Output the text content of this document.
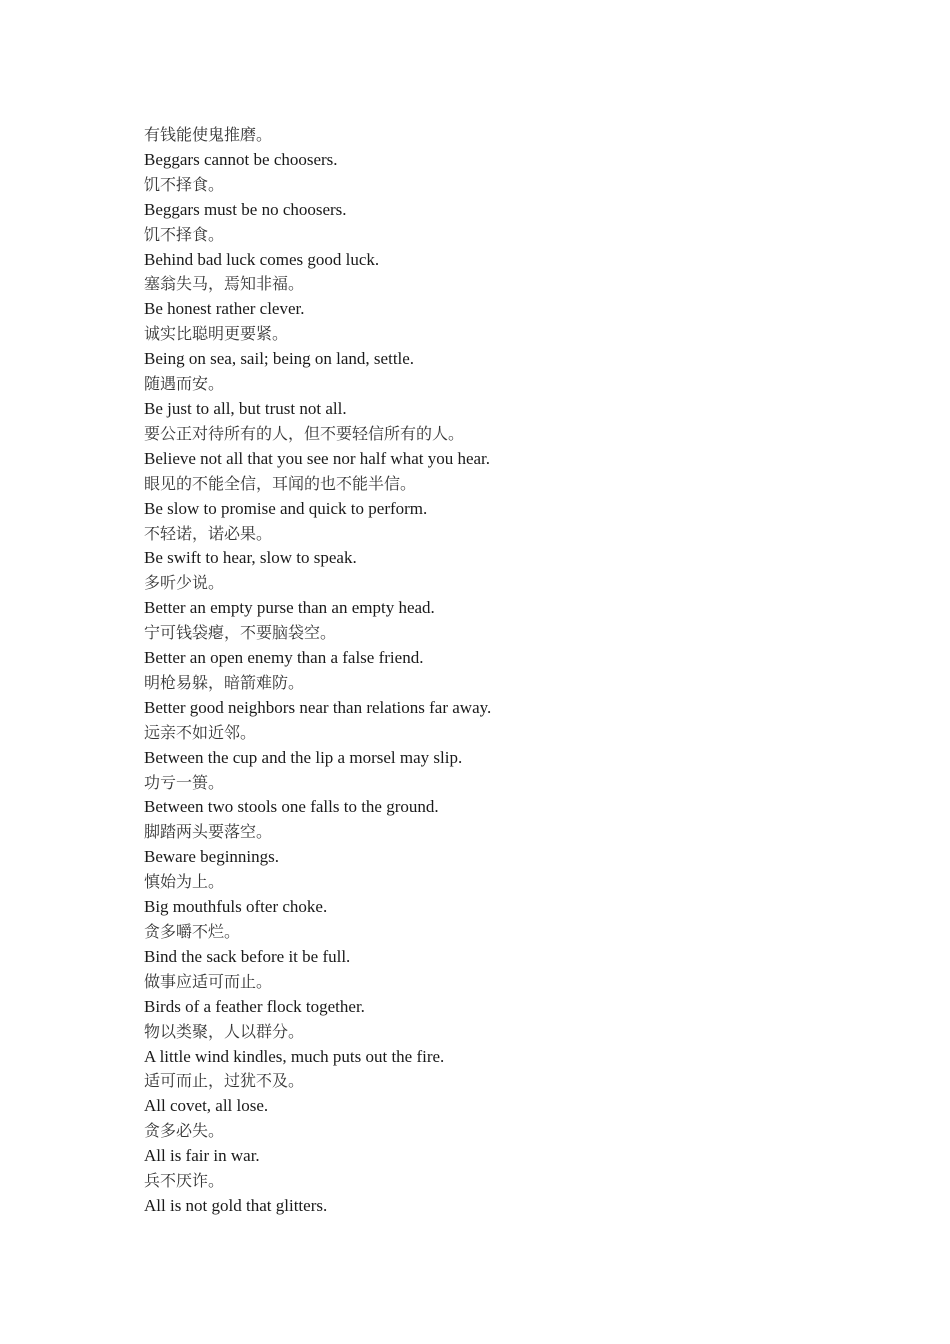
有钱能使鬼推磨。
Beggars cannot be choosers.
饥不择食。
Beggars must be no choosers.
饥不择食。
Behind bad luck comes good luck.
塞翁失马，焉知非福。
Be honest rather clever.
诚实比聪明更要紧。
Being on sea, sail; being on land, settle.
随遇而安。
Be just to all, but trust not all.
要公正对待所有的人，但不要轻信所有的人。
Believe not all that you see nor half what you hear.
眼见的不能全信，耳闻的也不能半信。
Be slow to promise and quick to perform.
不轻诺，诺必果。
Be swift to hear, slow to speak.
多听少说。
Better an empty purse than an empty head.
宁可钱袋瘪，不要脑袋空。
Better an open enemy than a false friend.
明枪易躲，暗箭难防。
Better good neighbors near than relations far away.
远亲不如近邻。
Between the cup and the lip a morsel may slip.
功亏一篑。
Between two stools one falls to the ground.
脚踏两头要落空。
Beware beginnings.
慎始为上。
Big mouthfuls ofter choke.
贪多嚼不烂。
Bind the sack before it be full.
做事应适可而止。
Birds of a feather flock together.
物以类聚，人以群分。
A little wind kindles, much puts out the fire.
适可而止，过犹不及。
All covet, all lose.
贪多必失。
All is fair in war.
兵不厌诈。
All is not gold that glitters.
